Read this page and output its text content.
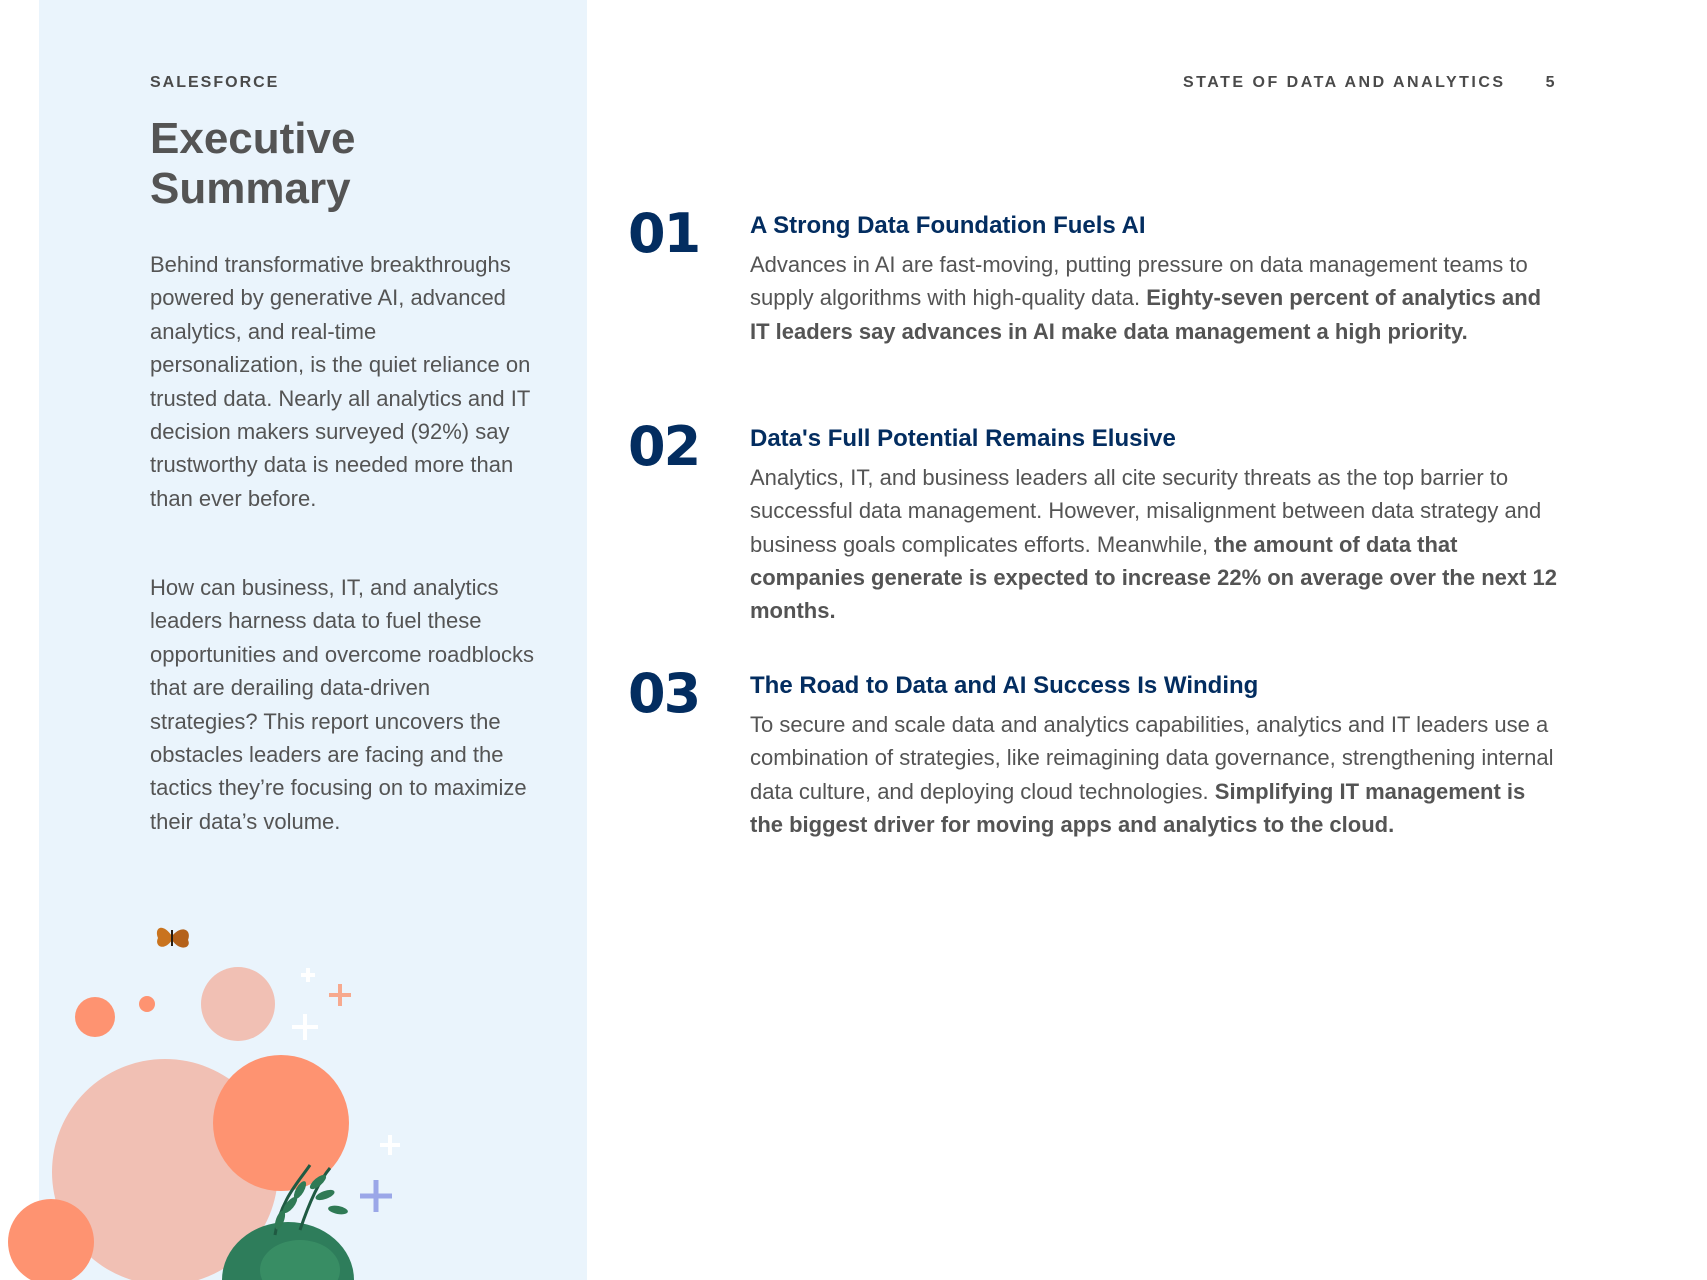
SALESFORCE
Executive Summary

Behind transformative breakthroughs powered by generative AI, advanced analytics, and real-time personalization, is the quiet reliance on trusted data. Nearly all analytics and IT decision makers surveyed (92%) say trustworthy data is needed more than than ever before.

How can business, IT, and analytics leaders harness data to fuel these opportunities and overcome roadblocks that are derailing data-driven strategies? This report uncovers the obstacles leaders are facing and the tactics they’re focusing on to maximize their data’s volume.

STATE OF DATA AND ANALYTICS	5
01 A Strong Data Foundation Fuels AI

Advances in AI are fast-moving, putting pressure on data management teams to supply algorithms with high-quality data. Eighty-seven percent of analytics and IT leaders say advances in AI make data management a high priority.

02 Data's Full Potential Remains Elusive

Analytics, IT, and business leaders all cite security threats as the top barrier to successful data management. However, misalignment between data strategy and business goals complicates efforts. Meanwhile, the amount of data that companies generate is expected to increase 22% on average over the next 12 months.

03 The Road to Data and AI Success Is Winding

To secure and scale data and analytics capabilities, analytics and IT leaders use a combination of strategies, like reimagining data governance, strengthening internal data culture, and deploying cloud technologies. Simplifying IT management is the biggest driver for moving apps and analytics to the cloud.
